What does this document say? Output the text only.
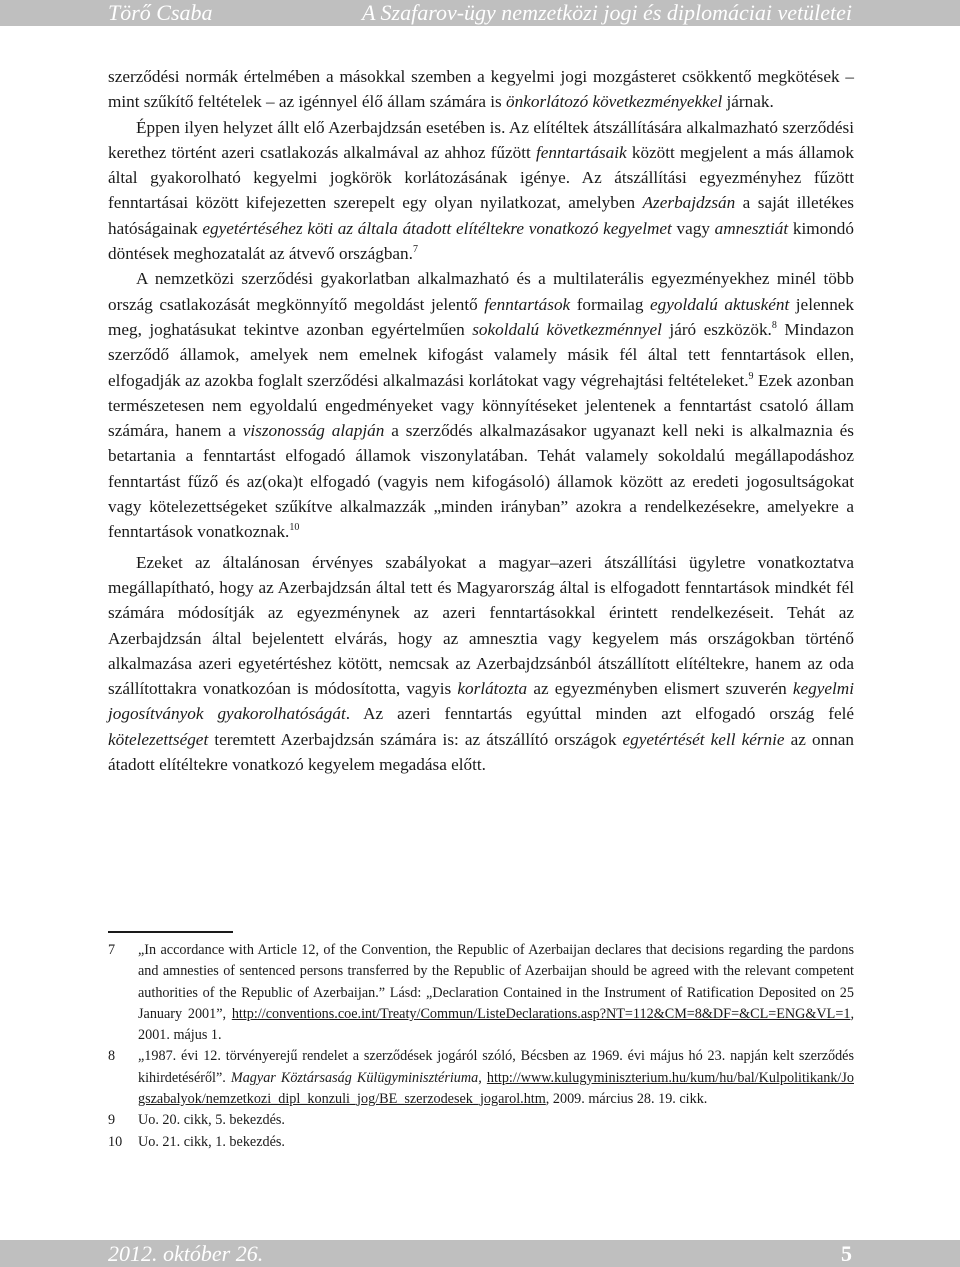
Törő Csaba	A Szafarov-ügy nemzetközi jogi és diplomáciai vetületei

szerződési normák értelmében a másokkal szemben a kegyelmi jogi mozgásteret csökkentő megkötések – mint szűkítő feltételek – az igénnyel élő állam számára is önkorlátozó következményekkel járnak.

Éppen ilyen helyzet állt elő Azerbajdzsán esetében is. Az elítéltek átszállítására alkalmazható szerződési kerethez történt azeri csatlakozás alkalmával az ahhoz fűzött fenntartásaik között megjelent a más államok által gyakorolható kegyelmi jogkörök korlátozásának igénye. Az átszállítási egyezményhez fűzött fenntartásai között kifejezetten szerepelt egy olyan nyilatkozat, amelyben Azerbajdzsán a saját illetékes hatóságainak egyetértéséhez köti az általa átadott elítéltekre vonatkozó kegyelmet vagy amnesztiát kimondó döntések meghozatalát az átvevő országban.$^7$

A nemzetközi szerződési gyakorlatban alkalmazható és a multilaterális egyezményekhez minél több ország csatlakozását megkönnyítő megoldást jelentő fenntartások formailag egyoldalú aktusként jelennek meg, joghatásukat tekintve azonban egyértelműen sokoldalú következménnyel járó eszközök.$^8$ Mindazon szerződő államok, amelyek nem emelnek kifogást valamely másik fél által tett fenntartások ellen, elfogadják az azokba foglalt szerződési alkalmazási korlátokat vagy végrehajtási feltételeket.$^9$ Ezek azonban természetesen nem egyoldalú engedményeket vagy könnyítéseket jelentenek a fenntartást csatoló állam számára, hanem a viszonosság alapján a szerződés alkalmazásakor ugyanazt kell neki is alkalmaznia és betartania a fenntartást elfogadó államok viszonylatában. Tehát valamely sokoldalú megállapodáshoz fenntartást fűző és az(oka)t elfogadó (vagyis nem kifogásoló) államok között az eredeti jogosultságokat vagy kötelezettségeket szűkítve alkalmazzák „minden irányban” azokra a rendelkezésekre, amelyekre a fenntartások vonatkoznak.$^{10}$

Ezeket az általánosan érvényes szabályokat a magyar–azeri átszállítási ügyletre vonatkoztatva megállapítható, hogy az Azerbajdzsán által tett és Magyarország által is elfogadott fenntartások mindkét fél számára módosítják az egyezménynek az azeri fenntartásokkal érintett rendelkezéseit. Tehát az Azerbajdzsán által bejelentett elvárás, hogy az amnesztia vagy kegyelem más országokban történő alkalmazása azeri egyetértéshez kötött, nemcsak az Azerbajdzsánból átszállított elítéltekre, hanem az oda szállítottakra vonatkozóan is módosította, vagyis korlátozta az egyezményben elismert szuverén kegyelmi jogosítványok gyakorolhatóságát. Az azeri fenntartás egyúttal minden azt elfogadó ország felé kötelezettséget teremtett Azerbajdzsán számára is: az átszállító országok egyetértését kell kérnie az onnan átadott elítéltekre vonatkozó kegyelem megadása előtt.

7	„In accordance with Article 12, of the Convention, the Republic of Azerbaijan declares that decisions regarding the pardons and amnesties of sentenced persons transferred by the Republic of Azerbaijan should be agreed with the relevant competent authorities of the Republic of Azerbaijan.” Lásd: „Declaration Contained in the Instrument of Ratification Deposited on 25 January 2001”, http://conventions.coe.int/Treaty/Commun/ListeDeclarations.asp?NT=112&CM=8&DF=&CL=ENG&VL=1, 2001. május 1.
8	„1987. évi 12. törvényerejű rendelet a szerződések jogáról szóló, Bécsben az 1969. évi május hó 23. napján kelt szerződés kihirdetéséről”. Magyar Köztársaság Külügyminisztériuma, http://www.kulugyminiszterium.hu/kum/hu/bal/Kulpolitikank/Jogszabalyok/nemzetkozi_dipl_konzuli_jog/BE_szerzodesek_jogarol.htm, 2009. március 28. 19. cikk.
9	Uo. 20. cikk, 5. bekezdés.
10	Uo. 21. cikk, 1. bekezdés.
2012. október 26.	5
